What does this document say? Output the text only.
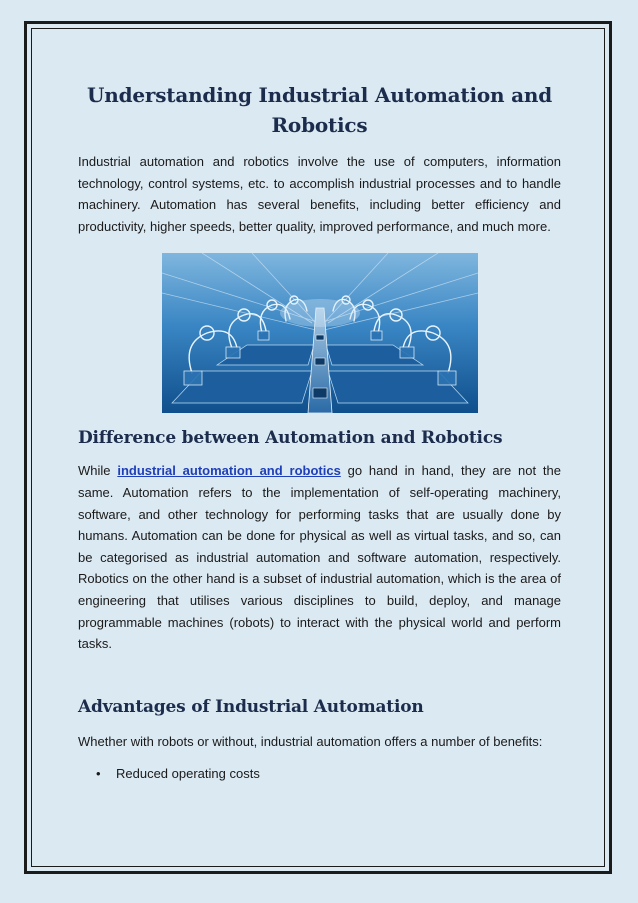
Understanding Industrial Automation and Robotics

Industrial automation and robotics involve the use of computers, information technology, control systems, etc. to accomplish industrial processes and to handle machinery. Automation has several benefits, including better efficiency and productivity, higher speeds, better quality, improved performance, and much more.

Difference between Automation and Robotics

While industrial automation and robotics go hand in hand, they are not the same. Automation refers to the implementation of self-operating machinery, software, and other technology for performing tasks that are usually done by humans. Automation can be done for physical as well as virtual tasks, and so, can be categorised as industrial automation and software automation, respectively. Robotics on the other hand is a subset of industrial automation, which is the area of engineering that utilises various disciplines to build, deploy, and manage programmable machines (robots) to interact with the physical world and perform tasks.

Advantages of Industrial Automation

Whether with robots or without, industrial automation offers a number of benefits:

• Reduced operating costs
